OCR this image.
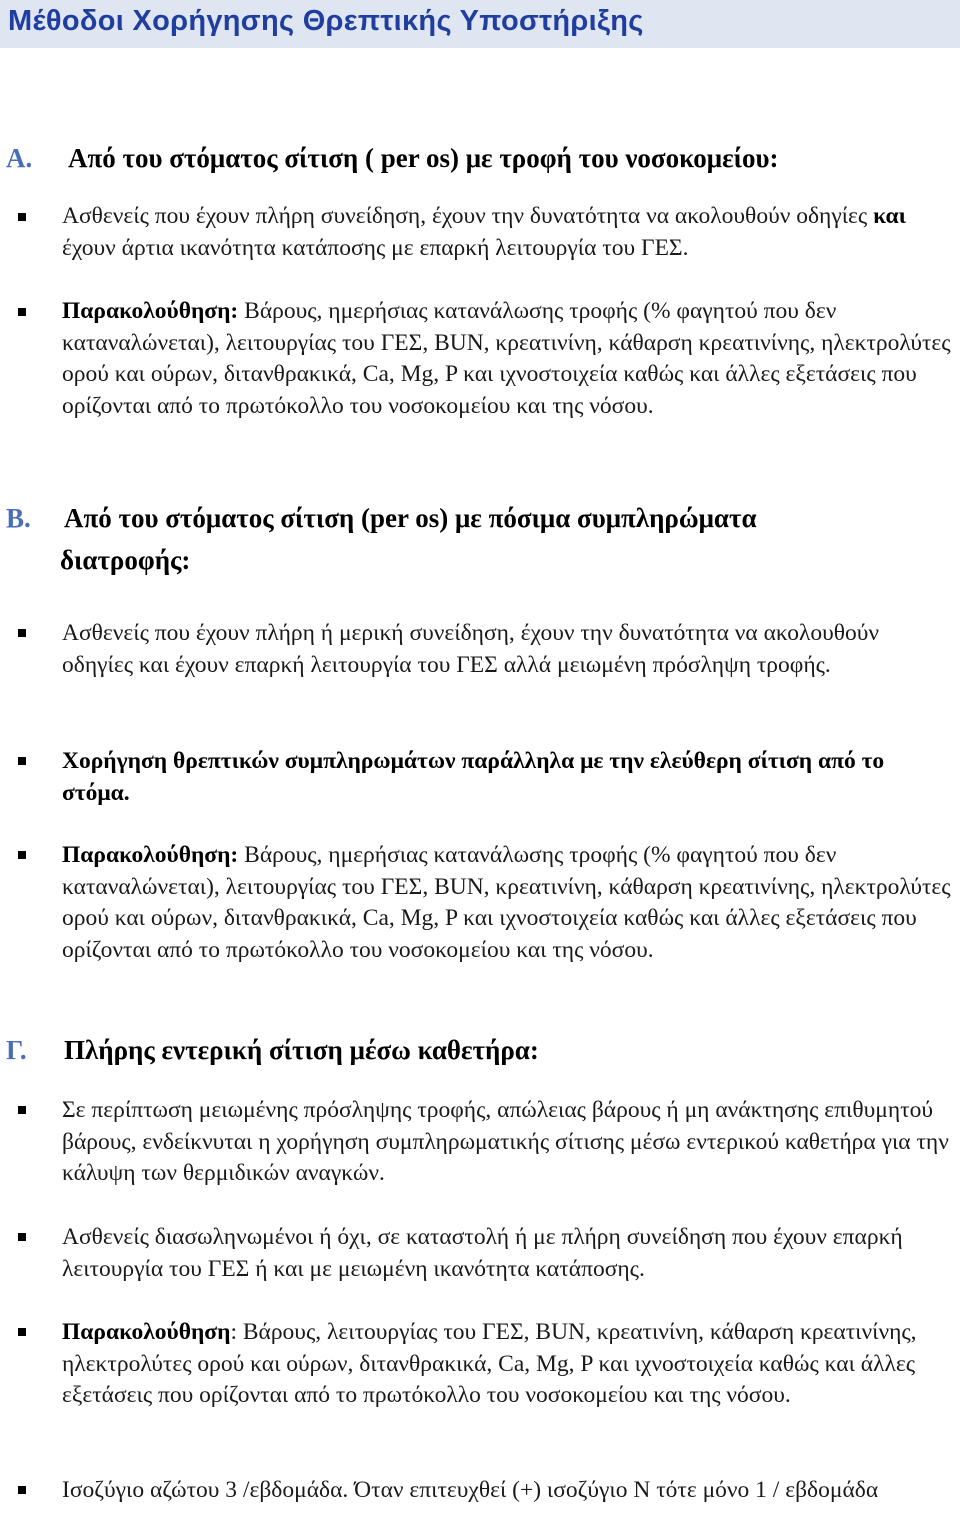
Μέθοδοι Χορήγησης Θρεπτικής Υποστήριξης
Α. Από του στόματος σίτιση ( per os) με τροφή του νοσοκομείου:
Ασθενείς που έχουν πλήρη συνείδηση, έχουν την δυνατότητα να ακολουθούν οδηγίες και έχουν άρτια ικανότητα κατάποσης με επαρκή λειτουργία του ΓΕΣ.
Παρακολούθηση: Βάρους, ημερήσιας κατανάλωσης τροφής (% φαγητού που δεν καταναλώνεται), λειτουργίας του ΓΕΣ, BUN, κρεατινίνη, κάθαρση κρεατινίνης, ηλεκτρολύτες ορού και ούρων, διτανθρακικά, Ca, Mg, P και ιχνοστοιχεία καθώς και άλλες εξετάσεις που ορίζονται από το πρωτόκολλο του νοσοκομείου και της νόσου.
Β. Από του στόματος σίτιση (per os) με πόσιμα συμπληρώματα
διατροφής:
Ασθενείς που έχουν πλήρη ή μερική συνείδηση, έχουν την δυνατότητα να ακολουθούν οδηγίες και έχουν επαρκή λειτουργία του ΓΕΣ αλλά μειωμένη πρόσληψη τροφής.
Χορήγηση θρεπτικών συμπληρωμάτων παράλληλα με την ελεύθερη σίτιση από το στόμα.
Παρακολούθηση: Βάρους, ημερήσιας κατανάλωσης τροφής (% φαγητού που δεν καταναλώνεται), λειτουργίας του ΓΕΣ, BUN, κρεατινίνη, κάθαρση κρεατινίνης, ηλεκτρολύτες ορού και ούρων, διτανθρακικά, Ca, Mg, P και ιχνοστοιχεία καθώς και άλλες εξετάσεις που ορίζονται από το πρωτόκολλο του νοσοκομείου και της νόσου.
Γ. Πλήρης εντερική σίτιση μέσω καθετήρα:
Σε περίπτωση μειωμένης πρόσληψης τροφής, απώλειας βάρους ή μη ανάκτησης επιθυμητού βάρους, ενδείκνυται η χορήγηση συμπληρωματικής σίτισης μέσω εντερικού καθετήρα για την κάλυψη των θερμιδικών αναγκών.
Ασθενείς διασωληνωμένοι ή όχι, σε καταστολή ή με πλήρη συνείδηση που έχουν επαρκή λειτουργία του ΓΕΣ ή και με μειωμένη ικανότητα κατάποσης.
Παρακολούθηση: Βάρους, λειτουργίας του ΓΕΣ, BUN, κρεατινίνη, κάθαρση κρεατινίνης, ηλεκτρολύτες ορού και ούρων, διτανθρακικά, Ca, Mg, P και ιχνοστοιχεία καθώς και άλλες εξετάσεις που ορίζονται από το πρωτόκολλο του νοσοκομείου και της νόσου.
Ισοζύγιο αζώτου 3 /εβδομάδα. Όταν επιτευχθεί (+) ισοζύγιο Ν τότε μόνο 1 / εβδομάδα
